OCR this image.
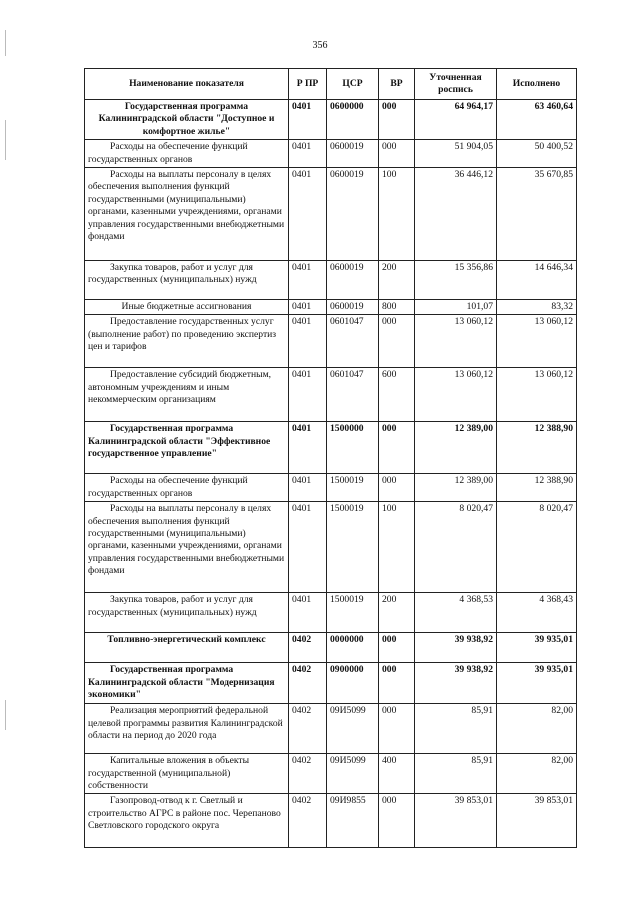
356
Наименование показателя	Р ПР	ЦСР	ВР	Уточненная роспись	Исполнено
Государственная программа Калининградской области "Доступное и комфортное жилье"	0401	0600000	000	64 964,17	63 460,64
Расходы на обеспечение функций государственных органов	0401	0600019	000	51 904,05	50 400,52
Расходы на выплаты персоналу в целях обеспечения выполнения функций государственными (муниципальными) органами, казенными учреждениями, органами управления государственными внебюджетными фондами	0401	0600019	100	36 446,12	35 670,85
Закупка товаров, работ и услуг для государственных (муниципальных) нужд	0401	0600019	200	15 356,86	14 646,34
Иные бюджетные ассигнования	0401	0600019	800	101,07	83,32
Предоставление государственных услуг (выполнение работ) по проведению экспертиз цен и тарифов	0401	0601047	000	13 060,12	13 060,12
Предоставление субсидий бюджетным, автономным учреждениям и иным некоммерческим организациям	0401	0601047	600	13 060,12	13 060,12
Государственная программа Калининградской области "Эффективное государственное управление"	0401	1500000	000	12 389,00	12 388,90
Расходы на обеспечение функций государственных органов	0401	1500019	000	12 389,00	12 388,90
Расходы на выплаты персоналу в целях обеспечения выполнения функций государственными (муниципальными) органами, казенными учреждениями, органами управления государственными внебюджетными фондами	0401	1500019	100	8 020,47	8 020,47
Закупка товаров, работ и услуг для государственных (муниципальных) нужд	0401	1500019	200	4 368,53	4 368,43
Топливно-энергетический комплекс	0402	0000000	000	39 938,92	39 935,01
Государственная программа Калининградской области "Модернизация экономики"	0402	0900000	000	39 938,92	39 935,01
Реализация мероприятий федеральной целевой программы развития Калининградской области на период до 2020 года	0402	09И5099	000	85,91	82,00
Капитальные вложения в объекты государственной (муниципальной) собственности	0402	09И5099	400	85,91	82,00
Газопровод-отвод к г. Светлый и строительство АГРС в районе пос. Черепаново Светловского городского округа	0402	09И9855	000	39 853,01	39 853,01
